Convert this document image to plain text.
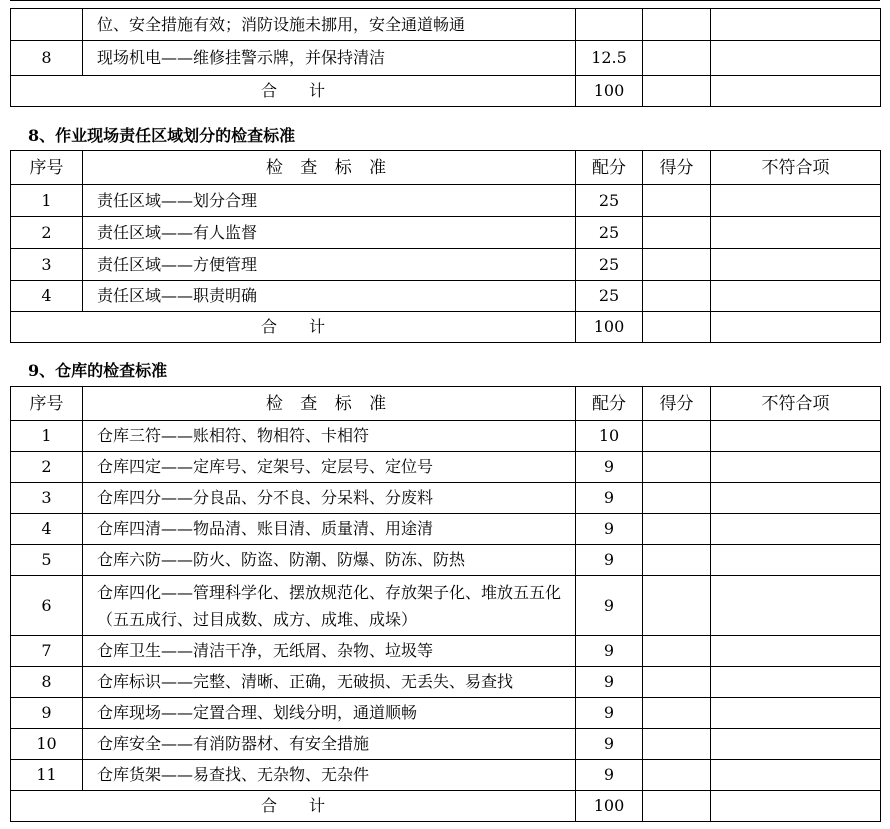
	位、安全措施有效；消防设施未挪用，安全通道畅通			
8	现场机电——维修挂警示牌，并保持清洁	12.5		
合　　计		100		
8、作业现场责任区域划分的检查标准
序号	检 查 标 准	配分	得分	不符合项
1	责任区域——划分合理	25		
2	责任区域——有人监督	25		
3	责任区域——方便管理	25		
4	责任区域——职责明确	25		
合　　计		100		
9、仓库的检查标准
序号	检 查 标 准	配分	得分	不符合项
1	仓库三符——账相符、物相符、卡相符	10		
2	仓库四定——定库号、定架号、定层号、定位号	9		
3	仓库四分——分良品、分不良、分呆料、分废料	9		
4	仓库四清——物品清、账目清、质量清、用途清	9		
5	仓库六防——防火、防盗、防潮、防爆、防冻、防热	9		
6	仓库四化——管理科学化、摆放规范化、存放架子化、堆放五五化（五五成行、过目成数、成方、成堆、成垛）	9		
7	仓库卫生——清洁干净，无纸屑、杂物、垃圾等	9		
8	仓库标识——完整、清晰、正确，无破损、无丢失、易查找	9		
9	仓库现场——定置合理、划线分明，通道顺畅	9		
10	仓库安全——有消防器材、有安全措施	9		
11	仓库货架——易查找、无杂物、无杂件	9		
合　　计		100		
